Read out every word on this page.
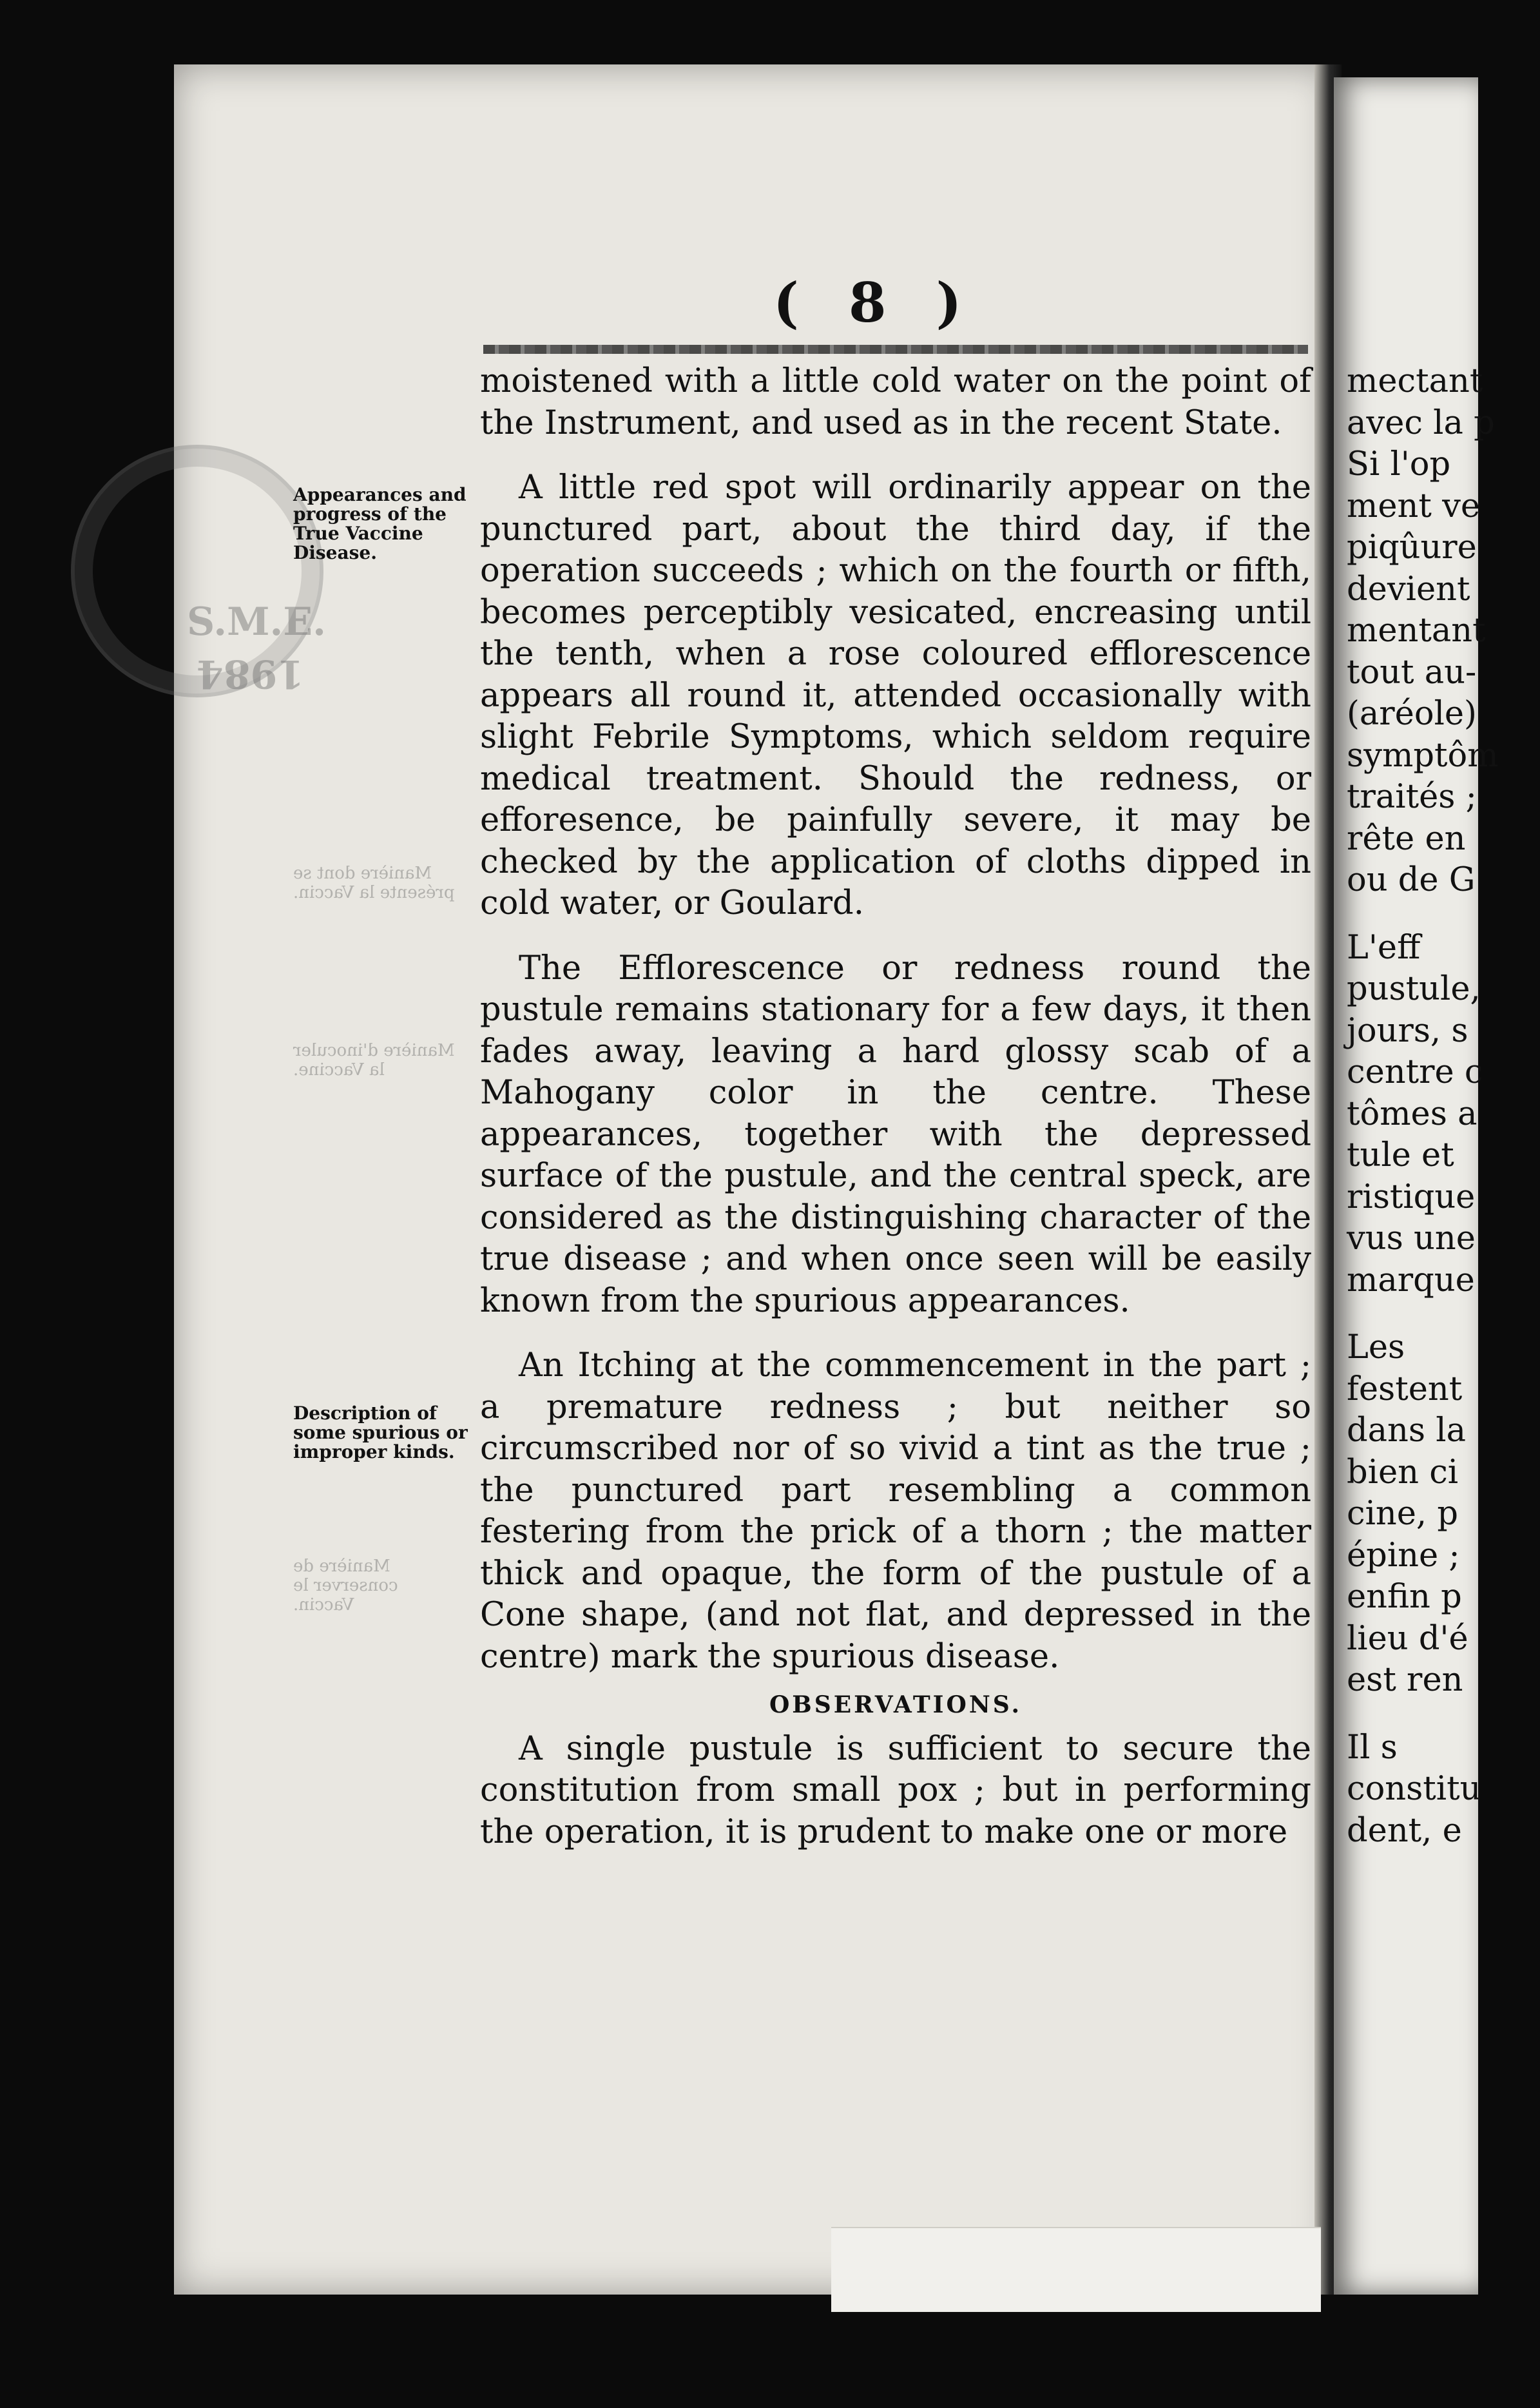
mectant
avec la p
Si l'op
ment ve
piqûure
devient
mentant
tout au-
(aréole)
symptôm
traités ;
rête en
ou de G
L'eff
pustule,
jours, s
centre c
tômes a
tule et
ristique
vus une
marque
Les
festent
dans la
bien ci
cine, p
épine ;
enfin p
lieu d'é
est ren
Il s
constitu
dent, e
S.M.E.
1984
( 8 )
Appearances and progress of the True Vaccine Disease.
Description of some spurious or improper kinds.
Manière dont se présente la Vaccin.
Manière d'inoculer la Vaccine.
Manière de conserver le Vaccin.

moistened with a little cold water on the point of the Instrument, and used as in the recent State.

A little red spot will ordinarily appear on the punctured part, about the third day, if the operation succeeds ; which on the fourth or fifth, becomes perceptibly vesicated, encreasing until the tenth, when a rose coloured efflorescence appears all round it, attended occasionally with slight Febrile Symptoms, which seldom require medical treatment. Should the redness, or efforesence, be painfully severe, it may be checked by the application of cloths dipped in cold water, or Goulard.

The Efflorescence or redness round the pustule remains stationary for a few days, it then fades away, leaving a hard glossy scab of a Mahogany color in the centre. These appearances, together with the depressed surface of the pustule, and the central speck, are considered as the distinguishing character of the true disease ; and when once seen will be easily known from the spurious appearances.

An Itching at the commencement in the part ; a premature redness ; but neither so circumscribed nor of so vivid a tint as the true ; the punctured part resembling a common festering from the prick of a thorn ; the matter thick and opaque, the form of the pustule of a Cone shape, (and not flat, and depressed in the centre) mark the spurious disease.

OBSERVATIONS.

A single pustule is sufficient to secure the constitution from small pox ; but in performing the operation, it is prudent to make one or more
